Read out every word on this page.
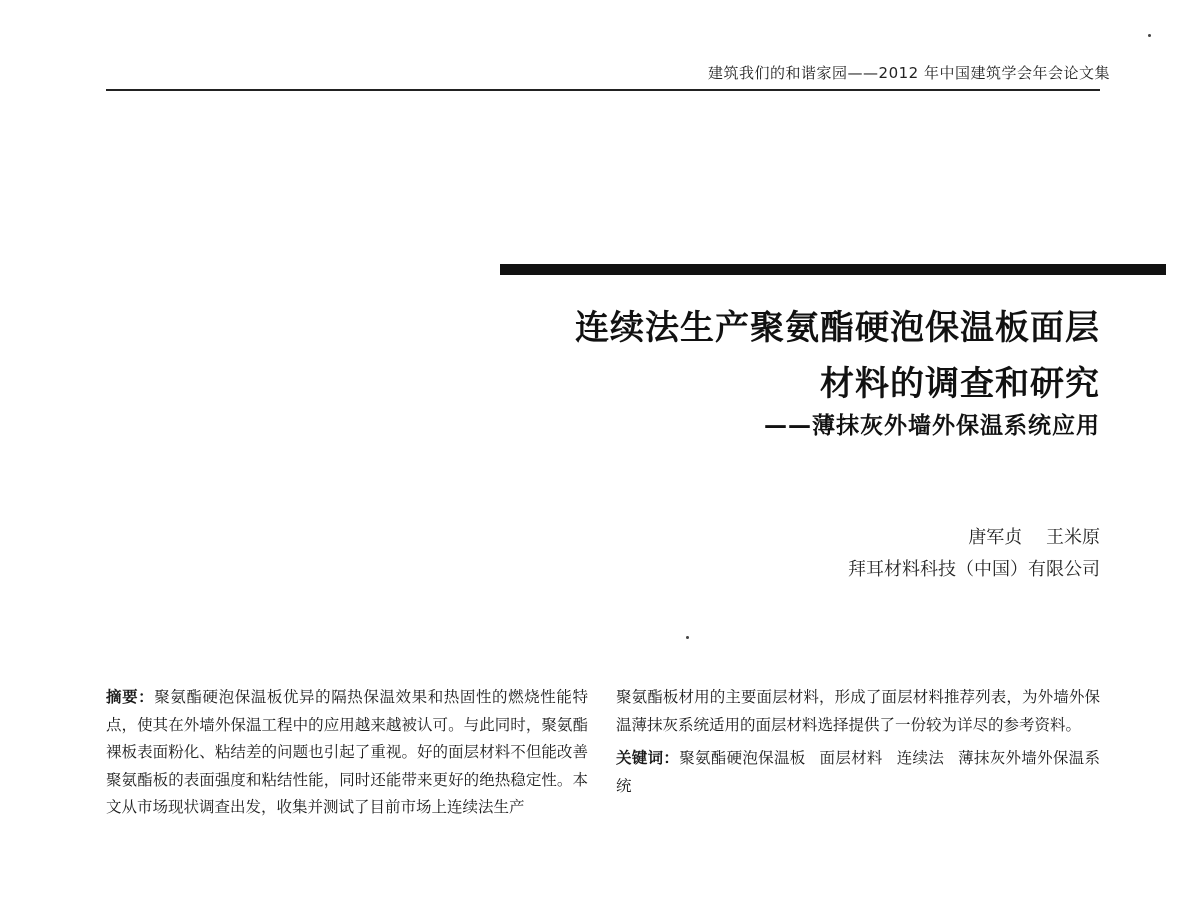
建筑我们的和谐家园——2012 年中国建筑学会年会论文集
连续法生产聚氨酯硬泡保温板面层
材料的调查和研究
——薄抹灰外墙外保温系统应用
唐军贞 王米原
拜耳材料科技（中国）有限公司

摘要：聚氨酯硬泡保温板优异的隔热保温效果和热固性的燃烧性能特点，使其在外墙外保温工程中的应用越来越被认可。与此同时，聚氨酯裸板表面粉化、粘结差的问题也引起了重视。好的面层材料不但能改善聚氨酯板的表面强度和粘结性能，同时还能带来更好的绝热稳定性。本文从市场现状调查出发，收集并测试了目前市场上连续法生产

聚氨酯板材用的主要面层材料，形成了面层材料推荐列表，为外墙外保温薄抹灰系统适用的面层材料选择提供了一份较为详尽的参考资料。

关键词：聚氨酯硬泡保温板 面层材料 连续法 薄抹灰外墙外保温系统
